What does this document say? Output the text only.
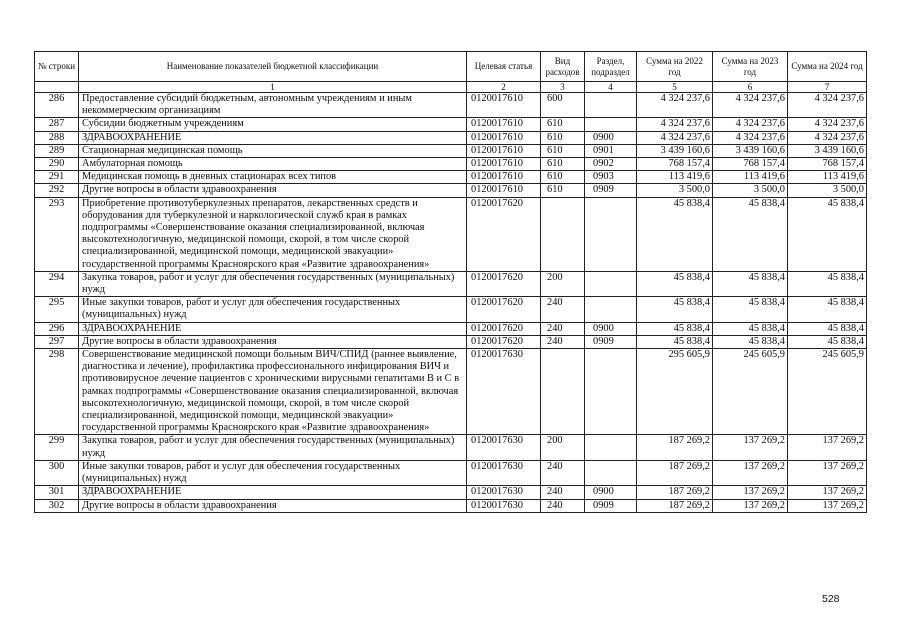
№ строки	Наименование показателей бюджетной классификации	Целевая статья	Вид расходов	Раздел, подраздел	Сумма на 2022 год	Сумма на 2023 год	Сумма на 2024 год
	1	2	3	4	5	6	7
286	Предоставление субсидий бюджетным, автономным учреждениям и иным некоммерческим организациям	0120017610	600		4 324 237,6	4 324 237,6	4 324 237,6
287	Субсидии бюджетным учреждениям	0120017610	610		4 324 237,6	4 324 237,6	4 324 237,6
288	ЗДРАВООХРАНЕНИЕ	0120017610	610	0900	4 324 237,6	4 324 237,6	4 324 237,6
289	Стационарная медицинская помощь	0120017610	610	0901	3 439 160,6	3 439 160,6	3 439 160,6
290	Амбулаторная помощь	0120017610	610	0902	768 157,4	768 157,4	768 157,4
291	Медицинская помощь в дневных стационарах всех типов	0120017610	610	0903	113 419,6	113 419,6	113 419,6
292	Другие вопросы в области здравоохранения	0120017610	610	0909	3 500,0	3 500,0	3 500,0
293	Приобретение противотуберкулезных препаратов, лекарственных средств и оборудования для туберкулезной и наркологической служб края в рамках подпрограммы «Совершенствование оказания специализированной, включая высокотехнологичную, медицинской помощи, скорой, в том числе скорой специализированной, медицинской помощи, медицинской эвакуации» государственной программы Красноярского края «Развитие здравоохранения»	0120017620			45 838,4	45 838,4	45 838,4
294	Закупка товаров, работ и услуг для обеспечения государственных (муниципальных) нужд	0120017620	200		45 838,4	45 838,4	45 838,4
295	Иные закупки товаров, работ и услуг для обеспечения государственных (муниципальных) нужд	0120017620	240		45 838,4	45 838,4	45 838,4
296	ЗДРАВООХРАНЕНИЕ	0120017620	240	0900	45 838,4	45 838,4	45 838,4
297	Другие вопросы в области здравоохранения	0120017620	240	0909	45 838,4	45 838,4	45 838,4
298	Совершенствование медицинской помощи больным ВИЧ/СПИД (раннее выявление, диагностика и лечение), профилактика профессионального инфицирования ВИЧ и противовирусное лечение пациентов с хроническими вирусными гепатитами В и С в рамках подпрограммы «Совершенствование оказания специализированной, включая высокотехнологичную, медицинской помощи, скорой, в том числе скорой специализированной, медицинской помощи, медицинской эвакуации» государственной программы Красноярского края «Развитие здравоохранения»	0120017630			295 605,9	245 605,9	245 605,9
299	Закупка товаров, работ и услуг для обеспечения государственных (муниципальных) нужд	0120017630	200		187 269,2	137 269,2	137 269,2
300	Иные закупки товаров, работ и услуг для обеспечения государственных (муниципальных) нужд	0120017630	240		187 269,2	137 269,2	137 269,2
301	ЗДРАВООХРАНЕНИЕ	0120017630	240	0900	187 269,2	137 269,2	137 269,2
302	Другие вопросы в области здравоохранения	0120017630	240	0909	187 269,2	137 269,2	137 269,2
528
